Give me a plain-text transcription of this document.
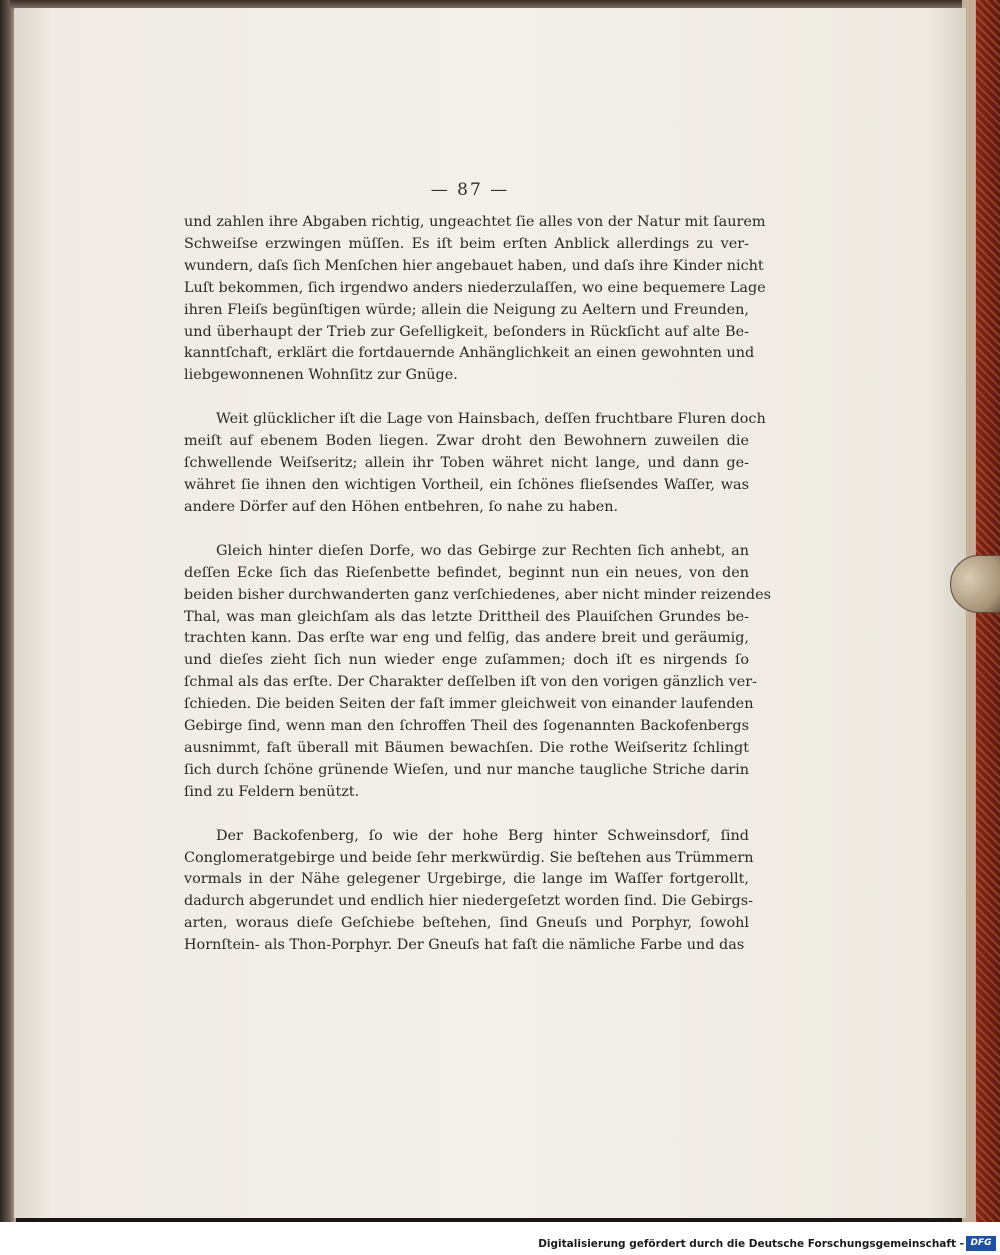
— 87 —
und zahlen ihre Abgaben richtig, ungeachtet ſie alles von der Natur mit ſaurem
Schweiſse erzwingen müſſen. Es iſt beim erſten Anblick allerdings zu ver-
wundern, daſs ſich Menſchen hier angebauet haben, und daſs ihre Kinder nicht
Luſt bekommen, ſich irgendwo anders niederzulaſſen, wo eine bequemere Lage
ihren Fleiſs begünſtigen würde; allein die Neigung zu Aeltern und Freunden,
und überhaupt der Trieb zur Geſelligkeit, beſonders in Rückſicht auf alte Be-
kanntſchaft, erklärt die fortdauernde Anhänglichkeit an einen gewohnten und
liebgewonnenen Wohnſitz zur Gnüge.
Weit glücklicher iſt die Lage von Hainsbach, deſſen fruchtbare Fluren doch
meiſt auf ebenem Boden liegen. Zwar droht den Bewohnern zuweilen die
ſchwellende Weiſseritz; allein ihr Toben währet nicht lange, und dann ge-
währet ſie ihnen den wichtigen Vortheil, ein ſchönes flieſsendes Waſſer, was
andere Dörfer auf den Höhen entbehren, ſo nahe zu haben.
Gleich hinter dieſen Dorfe, wo das Gebirge zur Rechten ſich anhebt, an
deſſen Ecke ſich das Rieſenbette befindet, beginnt nun ein neues, von den
beiden bisher durchwanderten ganz verſchiedenes, aber nicht minder reizendes
Thal, was man gleichſam als das letzte Drittheil des Plauiſchen Grundes be-
trachten kann. Das erſte war eng und felſig, das andere breit und geräumig,
und dieſes zieht ſich nun wieder enge zuſammen; doch iſt es nirgends ſo
ſchmal als das erſte. Der Charakter deſſelben iſt von den vorigen gänzlich ver-
ſchieden. Die beiden Seiten der faſt immer gleichweit von einander laufenden
Gebirge ſind, wenn man den ſchroffen Theil des ſogenannten Backofenbergs
ausnimmt, faſt überall mit Bäumen bewachſen. Die rothe Weiſseritz ſchlingt
ſich durch ſchöne grünende Wieſen, und nur manche taugliche Striche darin
ſind zu Feldern benützt.
Der Backofenberg, ſo wie der hohe Berg hinter Schweinsdorf, ſind
Conglomeratgebirge und beide ſehr merkwürdig. Sie beſtehen aus Trümmern
vormals in der Nähe gelegener Urgebirge, die lange im Waſſer fortgerollt,
dadurch abgerundet und endlich hier niedergeſetzt worden ſind. Die Gebirgs-
arten, woraus dieſe Geſchiebe beſtehen, ſind Gneuſs und Porphyr, ſowohl
Hornſtein- als Thon-Porphyr. Der Gneuſs hat faſt die nämliche Farbe und das
Digitalisierung gefördert durch die Deutsche Forschungsgemeinschaft - DFG
